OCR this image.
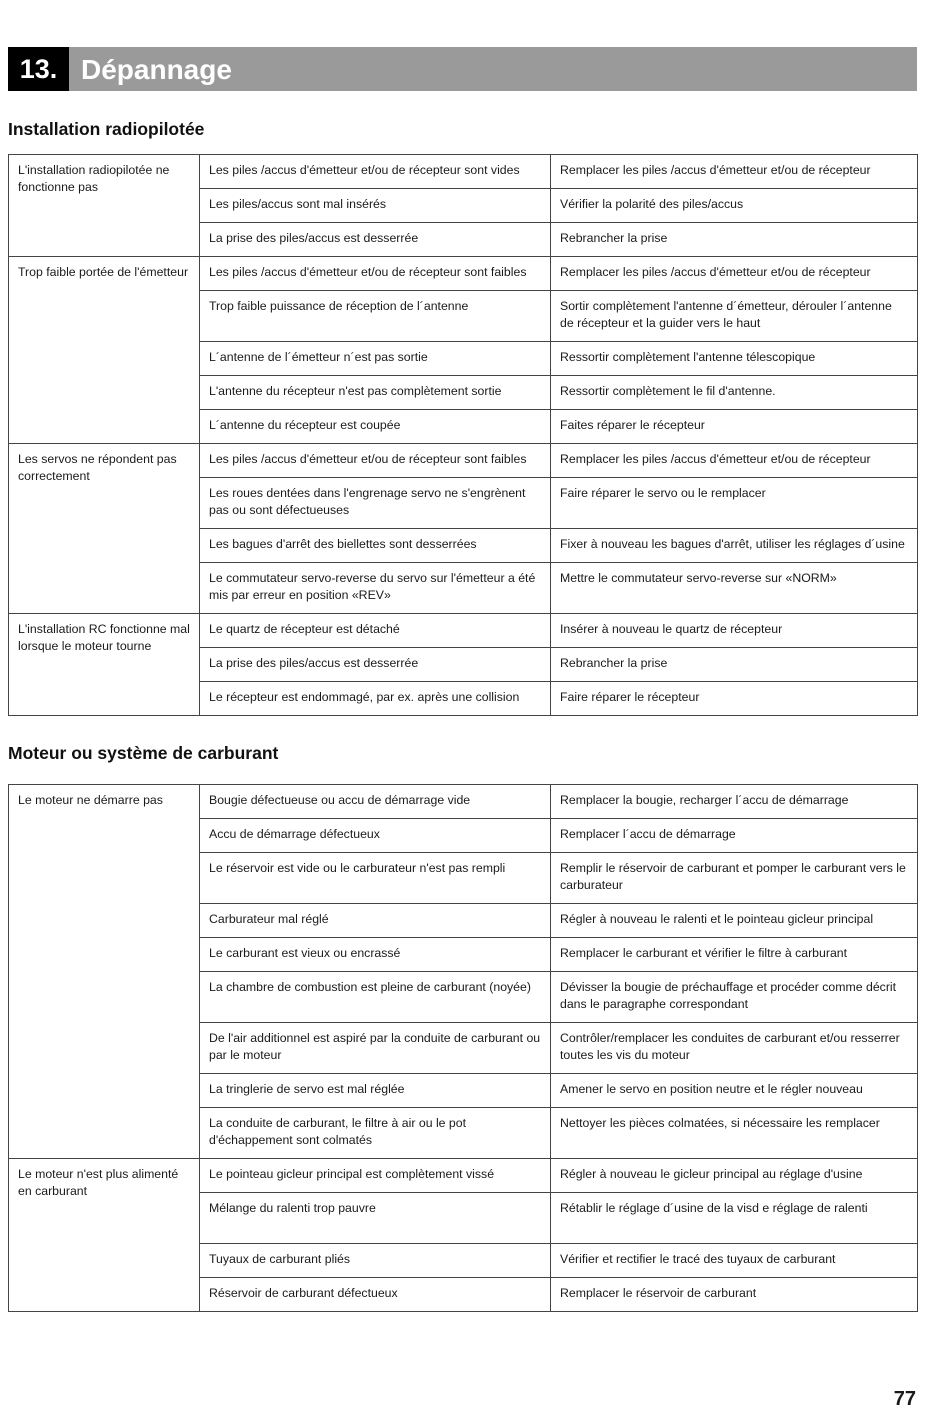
13. Dépannage
Installation radiopilotée
L'installation radiopilotée ne fonctionne pas	Les piles /accus d'émetteur et/ou de récepteur sont vides	Remplacer les piles /accus d'émetteur et/ou de récepteur
	Les piles/accus sont mal insérés	Vérifier la polarité des piles/accus
	La prise des piles/accus est desserrée	Rebrancher la prise
Trop faible portée de l'émetteur	Les piles /accus d'émetteur et/ou de récepteur sont faibles	Remplacer les piles /accus d'émetteur et/ou de récepteur
	Trop faible puissance de réception de l´antenne	Sortir complètement l'antenne d´émetteur, dérouler l´antenne de récepteur et la guider vers le haut
	L´antenne de l´émetteur n´est pas sortie	Ressortir complètement l'antenne télescopique
	L'antenne du récepteur n'est pas complètement sortie	Ressortir complètement le fil d'antenne.
	L´antenne du récepteur est coupée	Faites réparer le récepteur
Les servos ne répondent pas correctement	Les piles /accus d'émetteur et/ou de récepteur sont faibles	Remplacer les piles /accus d'émetteur et/ou de récepteur
	Les roues dentées dans l'engrenage servo ne s'engrènent pas ou sont défectueuses	Faire réparer le servo ou le remplacer
	Les bagues d'arrêt des biellettes sont desserrées	Fixer à nouveau les bagues d'arrêt, utiliser les réglages d´usine
	Le commutateur servo-reverse du servo sur l'émetteur a été mis par erreur en position «REV»	Mettre le commutateur servo-reverse sur «NORM»
L'installation RC fonctionne mal lorsque le moteur tourne	Le quartz de récepteur est détaché	Insérer à nouveau le quartz de récepteur
	La prise des piles/accus est desserrée	Rebrancher la prise
	Le récepteur est endommagé, par ex. après une collision	Faire réparer le récepteur
Moteur ou système de carburant
Le moteur ne démarre pas	Bougie défectueuse ou accu de démarrage vide	Remplacer la bougie, recharger l´accu de démarrage
	Accu de démarrage défectueux	Remplacer l´accu de démarrage
	Le réservoir est vide ou le carburateur n'est pas rempli	Remplir le réservoir de carburant et pomper le carburant vers le carburateur
	Carburateur mal réglé	Régler à nouveau le ralenti et le pointeau gicleur principal
	Le carburant est vieux ou encrassé	Remplacer le carburant et vérifier le filtre à carburant
	La chambre de combustion est pleine de carburant (noyée)	Dévisser la bougie de préchauffage et procéder comme décrit dans le paragraphe correspondant
	De l'air additionnel est aspiré par la conduite de carburant ou par le moteur	Contrôler/remplacer les conduites de carburant et/ou resserrer toutes les vis du moteur
	La tringlerie de servo est mal réglée	Amener le servo en position neutre et le régler nouveau
	La conduite de carburant, le filtre à air ou le pot d'échappement sont colmatés	Nettoyer les pièces colmatées, si nécessaire les remplacer
Le moteur n'est plus alimenté en carburant	Le pointeau gicleur principal est complètement vissé	Régler à nouveau le gicleur principal au réglage d'usine
	Mélange du ralenti trop pauvre	Rétablir le réglage d´usine de la visd e réglage de ralenti
	Tuyaux de carburant pliés	Vérifier et rectifier le tracé des tuyaux de carburant
	Réservoir de carburant défectueux	Remplacer le réservoir de carburant
77
